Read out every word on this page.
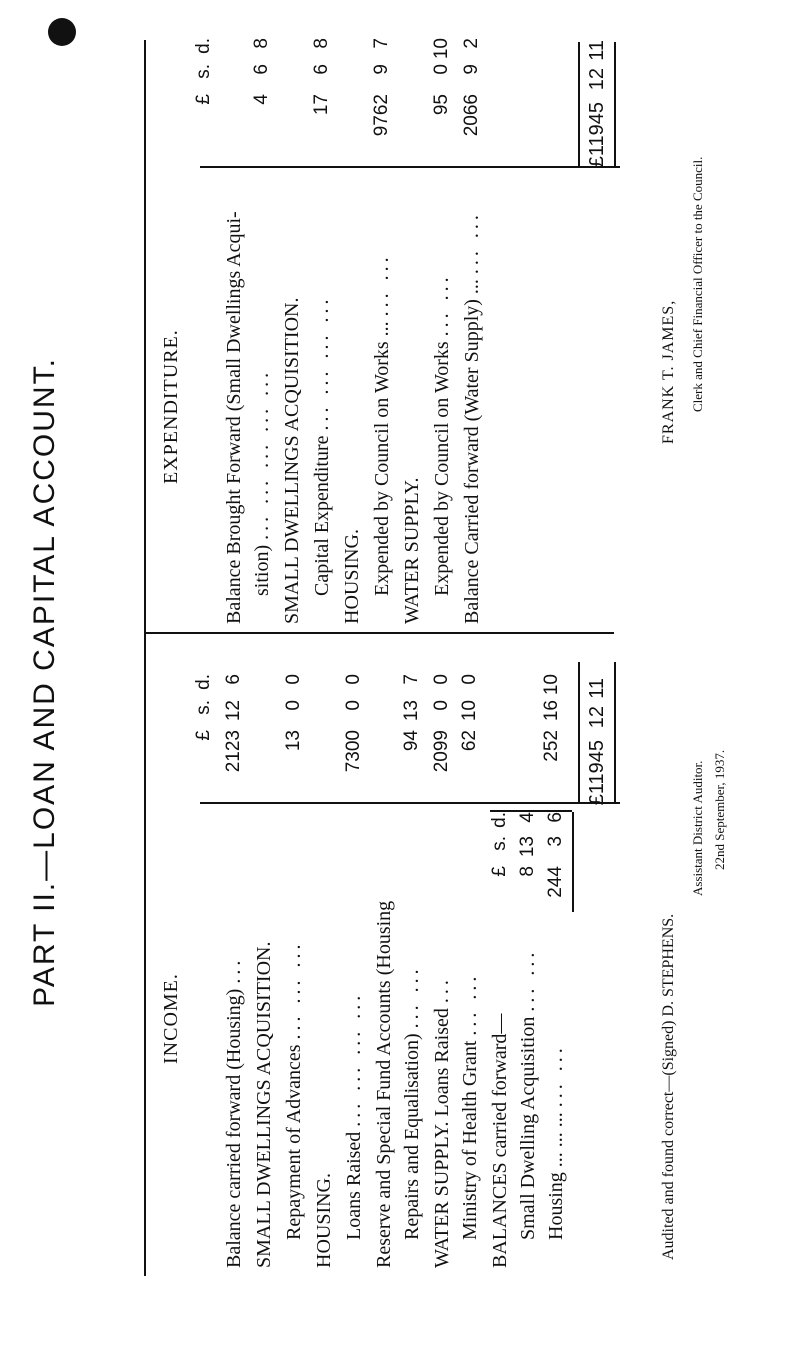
PART II.—LOAN AND CAPITAL ACCOUNT.
INCOME.
£s.d.
Balance carried forward (Housing) ...
2123126
SMALL DWELLINGS ACQUISITION. Repayment of Advances ... ... ...
1300
HOUSING. Loans Raised ... ... ... ...
730000
Reserve and Special Fund Accounts (Housing Repairs and Equalisation) ... ...
94137
WATER SUPPLY. Loans Raised ...
209900
Ministry of Health Grant ... ...
62100
BALANCES carried forward—
£s.d.
Small Dwelling Acquisition ... ...
8134
Housing ... ... ... ... ...
24436
2521610
£119451211
EXPENDITURE.
£s.d.
Balance Brought Forward (Small Dwellings Acqui- sition) ... ... ... ... ...
468
SMALL DWELLINGS ACQUISITION. Capital Expenditure ... ... ... ...
1768
HOUSING. Expended by Council on Works ... ... ...
976297
WATER SUPPLY. Expended by Council on Works ... ...
95010
Balance Carried forward (Water Supply) ... ... ...
206692
£119451211
Audited and found correct—(Signed) D. STEPHENS.
Assistant District Auditor. 22nd September, 1937.
FRANK T. JAMES, Clerk and Chief Financial Officer to the Council.
